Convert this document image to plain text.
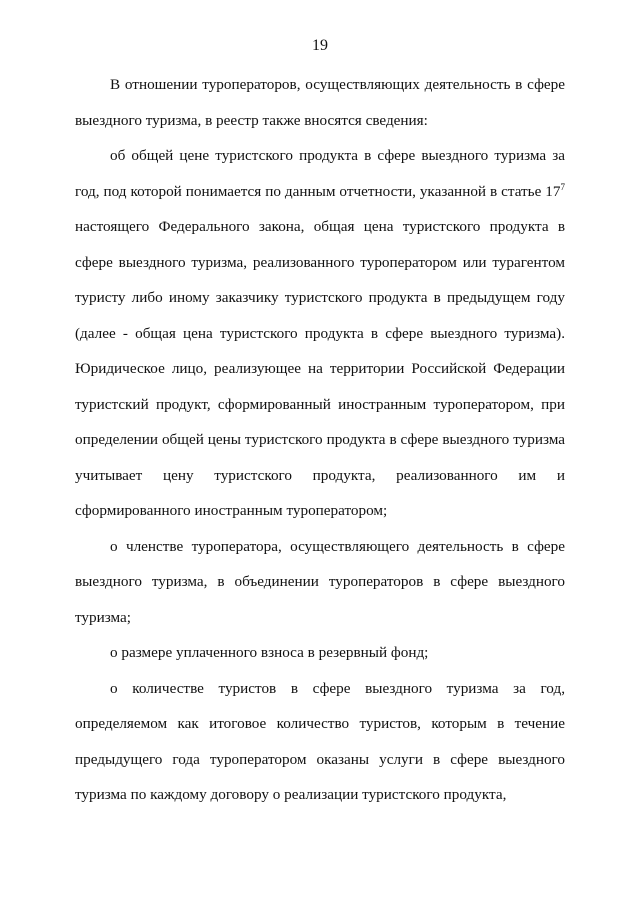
19

В отношении туроператоров, осуществляющих деятельность в сфере выездного туризма, в реестр также вносятся сведения:

об общей цене туристского продукта в сфере выездного туризма за год, под которой понимается по данным отчетности, указанной в статье $17^7$ настоящего Федерального закона, общая цена туристского продукта в сфере выездного туризма, реализованного туроператором или турагентом туристу либо иному заказчику туристского продукта в предыдущем году (далее - общая цена туристского продукта в сфере выездного туризма). Юридическое лицо, реализующее на территории Российской Федерации туристский продукт, сформированный иностранным туроператором, при определении общей цены туристского продукта в сфере выездного туризма учитывает цену туристского продукта, реализованного им и сформированного иностранным туроператором;

о членстве туроператора, осуществляющего деятельность в сфере выездного туризма, в объединении туроператоров в сфере выездного туризма;

о размере уплаченного взноса в резервный фонд;

о количестве туристов в сфере выездного туризма за год, определяемом как итоговое количество туристов, которым в течение предыдущего года туроператором оказаны услуги в сфере выездного туризма по каждому договору о реализации туристского продукта,
